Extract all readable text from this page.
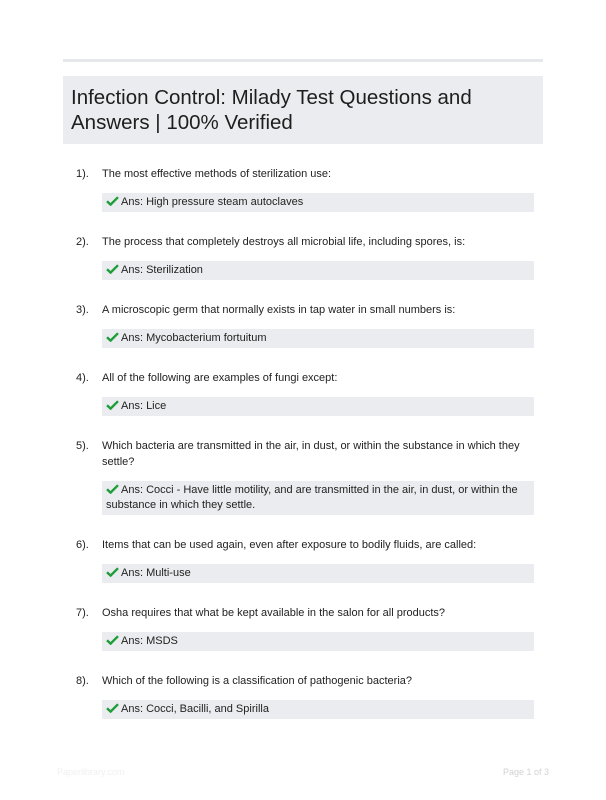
Infection Control: Milady Test Questions and Answers | 100% Verified
1). The most effective methods of sterilization use:
Ans: High pressure steam autoclaves
2). The process that completely destroys all microbial life, including spores, is:
Ans: Sterilization
3). A microscopic germ that normally exists in tap water in small numbers is:
Ans: Mycobacterium fortuitum
4). All of the following are examples of fungi except:
Ans: Lice
5). Which bacteria are transmitted in the air, in dust, or within the substance in which they settle?
Ans: Cocci - Have little motility, and are transmitted in the air, in dust, or within the substance in which they settle.
6). Items that can be used again, even after exposure to bodily fluids, are called:
Ans: Multi-use
7). Osha requires that what be kept available in the salon for all products?
Ans: MSDS
8). Which of the following is a classification of pathogenic bacteria?
Ans: Cocci, Bacilli, and Spirilla
Paperlibrary.com	Page 1 of 3
